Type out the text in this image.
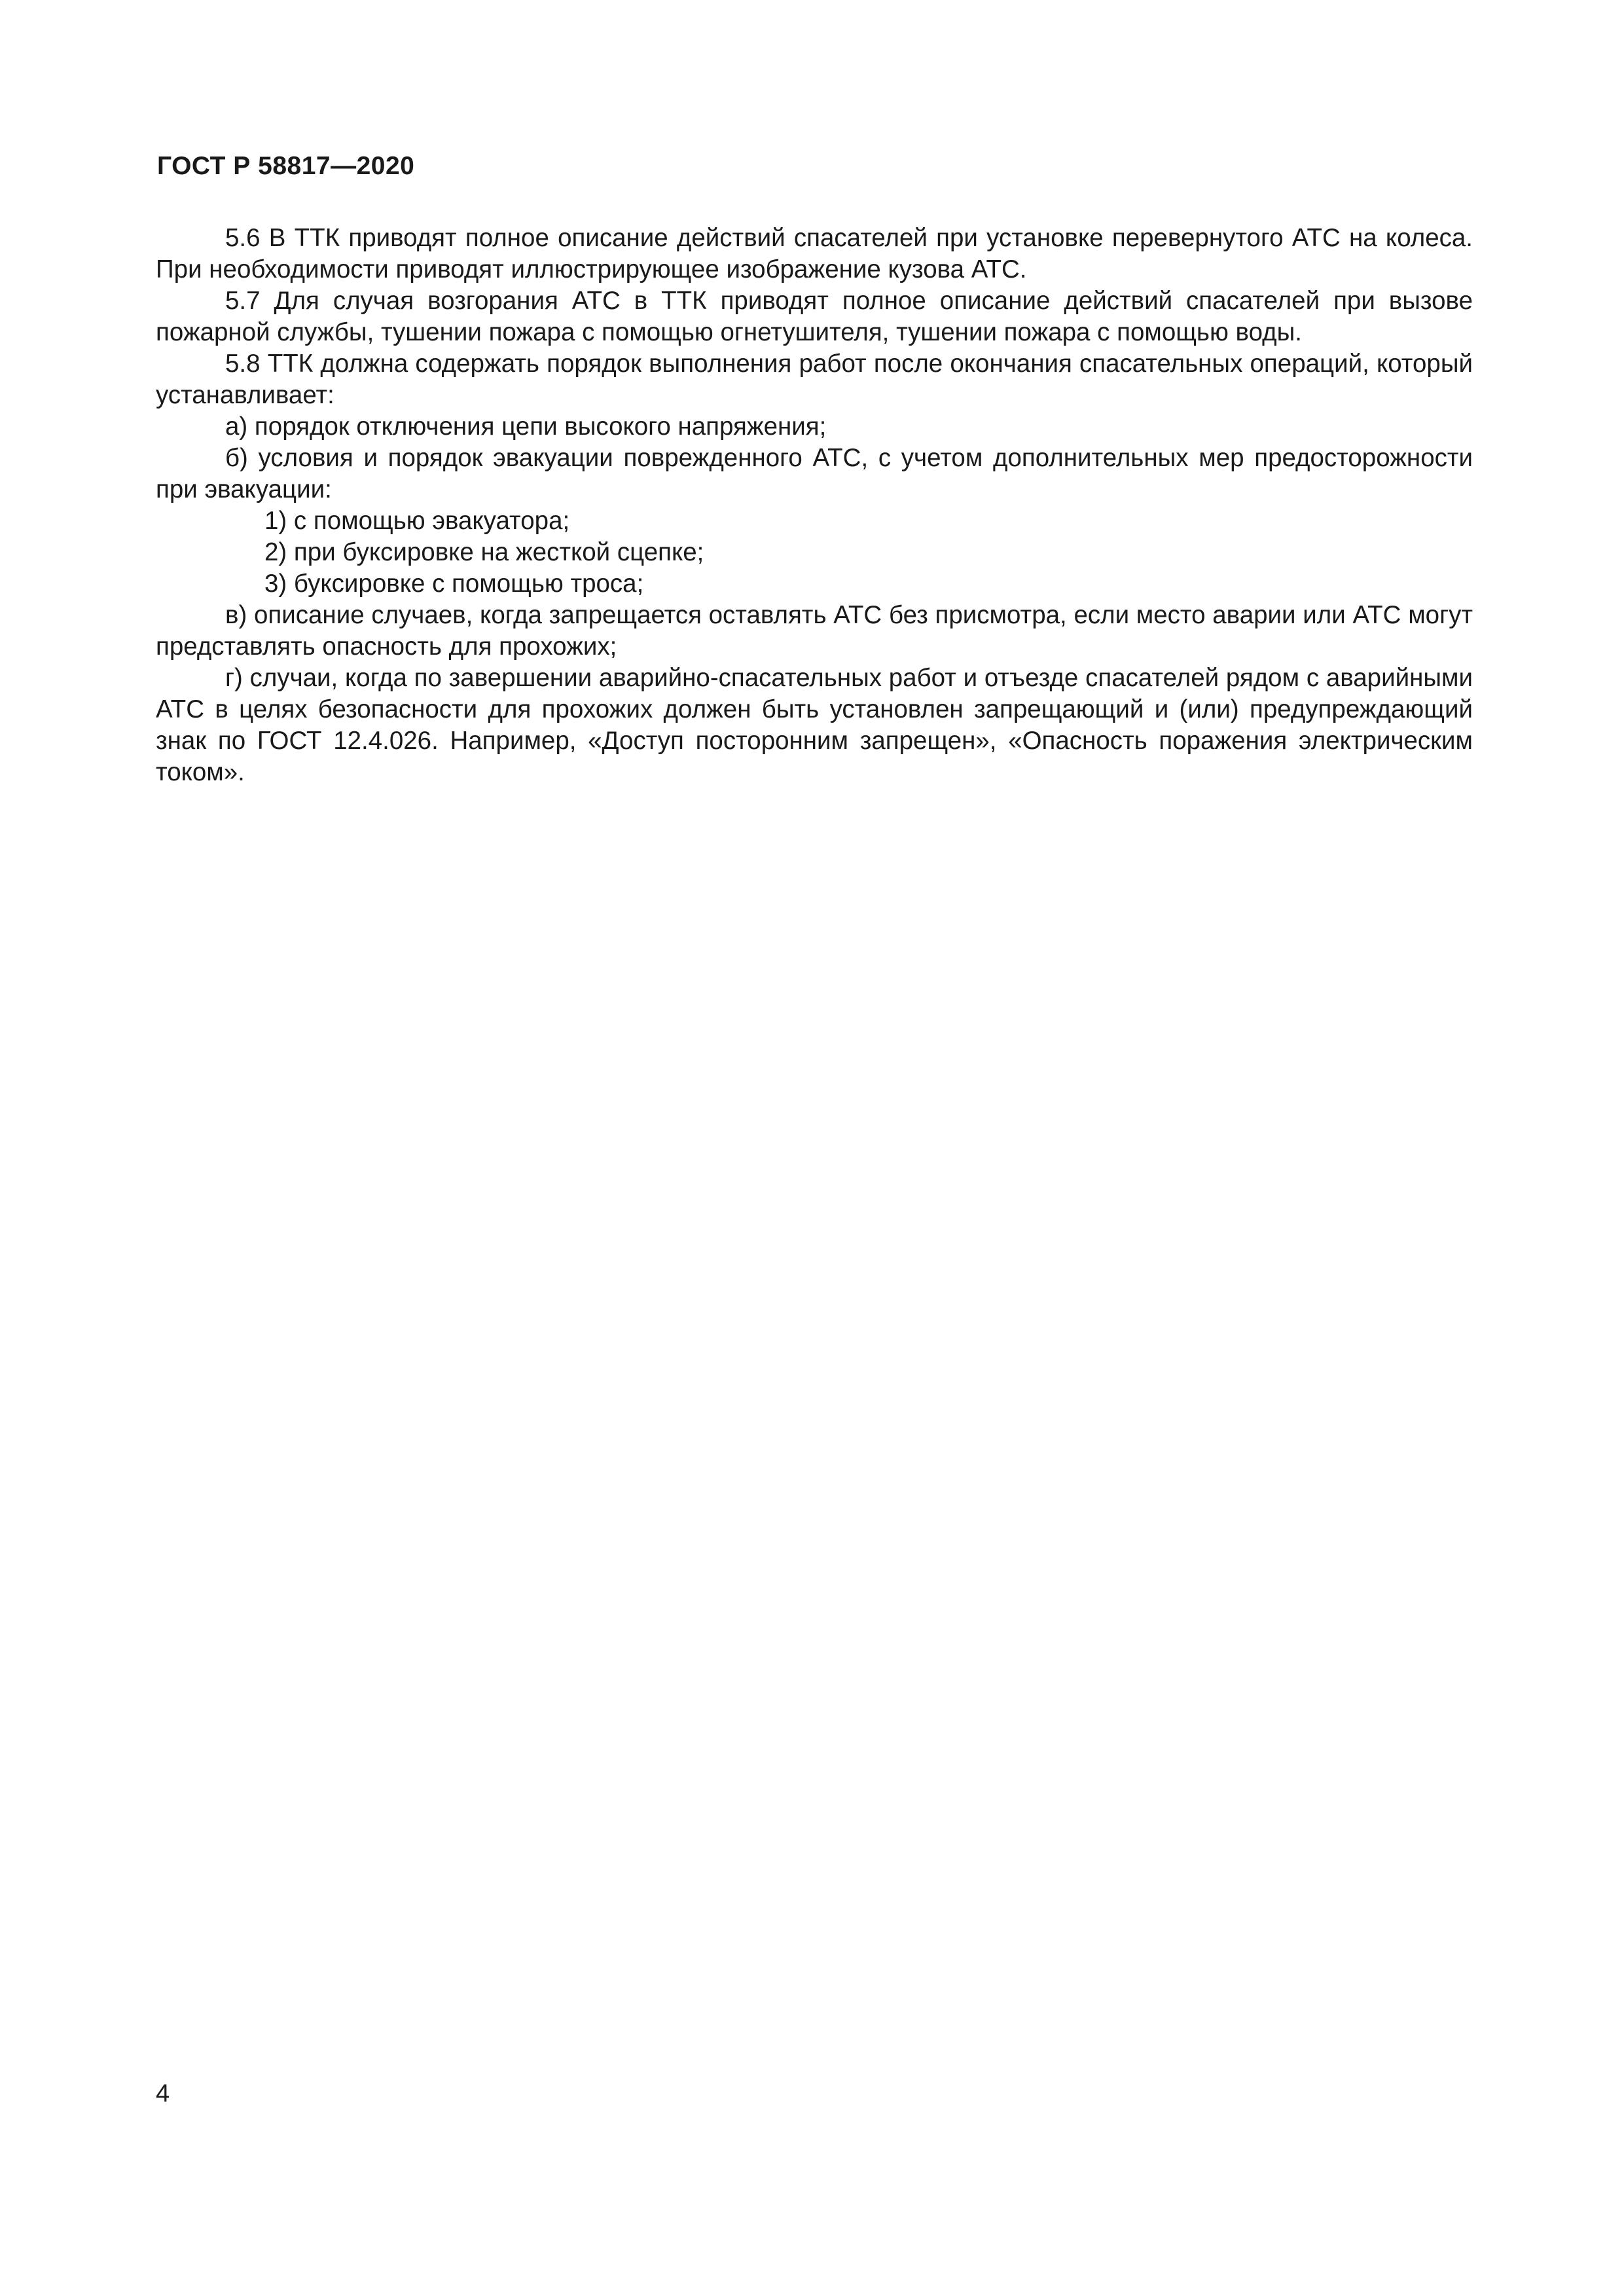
ГОСТ Р 58817—2020

5.6 В ТТК приводят полное описание действий спасателей при установке перевернутого АТС на колеса. При необходимости приводят иллюстрирующее изображение кузова АТС.

5.7 Для случая возгорания АТС в ТТК приводят полное описание действий спасателей при вызове пожарной службы, тушении пожара с помощью огнетушителя, тушении пожара с помощью воды.

5.8 ТТК должна содержать порядок выполнения работ после окончания спасательных операций, который устанавливает:

а) порядок отключения цепи высокого напряжения;

б) условия и порядок эвакуации поврежденного АТС, с учетом дополнительных мер предосторожности при эвакуации:

1) с помощью эвакуатора;

2) при буксировке на жесткой сцепке;

3) буксировке с помощью троса;

в) описание случаев, когда запрещается оставлять АТС без присмотра, если место аварии или АТС могут представлять опасность для прохожих;

г) случаи, когда по завершении аварийно-спасательных работ и отъезде спасателей рядом с аварийными АТС в целях безопасности для прохожих должен быть установлен запрещающий и (или) предупреждающий знак по ГОСТ 12.4.026. Например, «Доступ посторонним запрещен», «Опасность поражения электрическим током».

4
